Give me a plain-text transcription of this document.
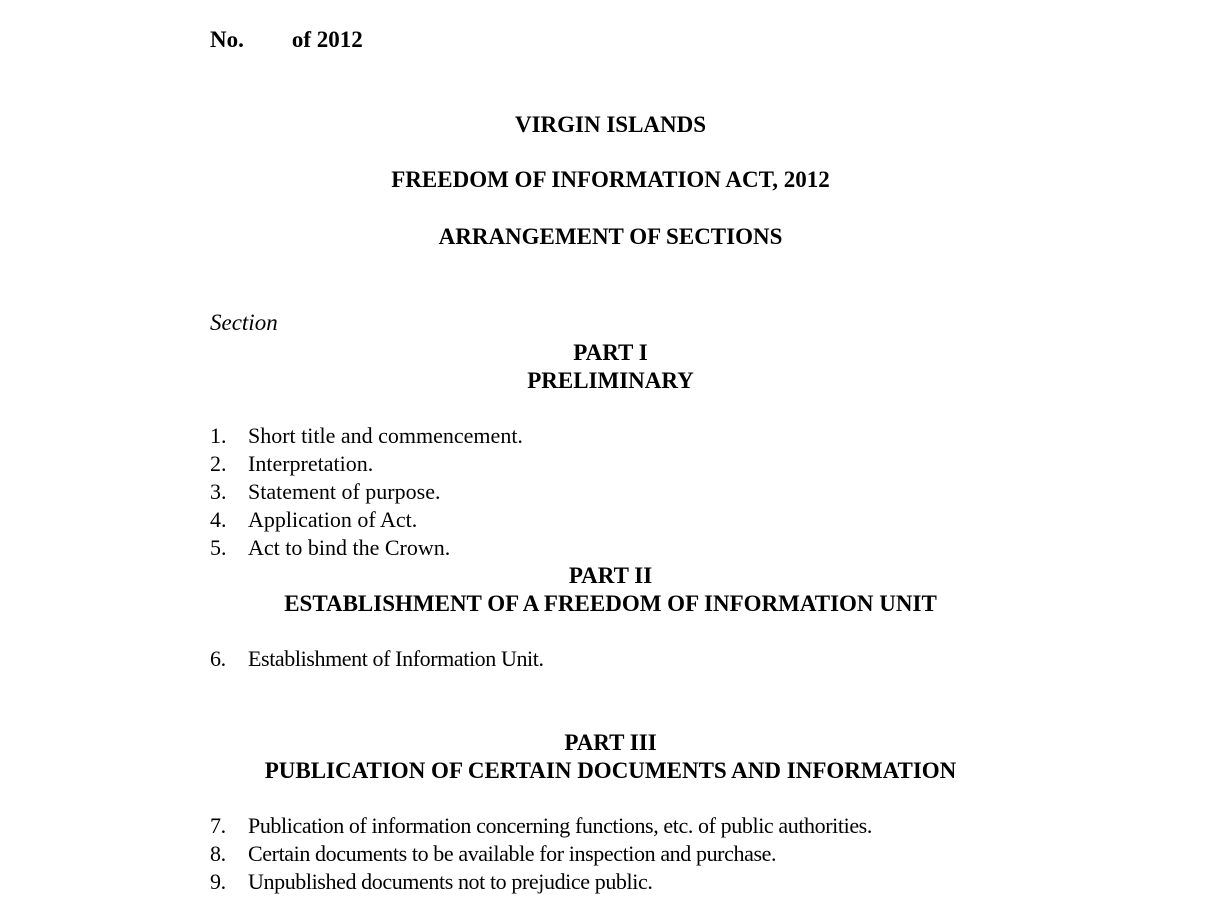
No. of 2012
VIRGIN ISLANDS
FREEDOM OF INFORMATION ACT, 2012
ARRANGEMENT OF SECTIONS
Section
PART I
PRELIMINARY
1. Short title and commencement.
2. Interpretation.
3. Statement of purpose.
4. Application of Act.
5. Act to bind the Crown.
PART II
ESTABLISHMENT OF A FREEDOM OF INFORMATION UNIT
6.	Establishment of Information Unit.
PART III
PUBLICATION OF CERTAIN DOCUMENTS AND INFORMATION
7.	Publication of information concerning functions, etc. of public authorities.
8.	Certain documents to be available for inspection and purchase.
9.	Unpublished documents not to prejudice public.
